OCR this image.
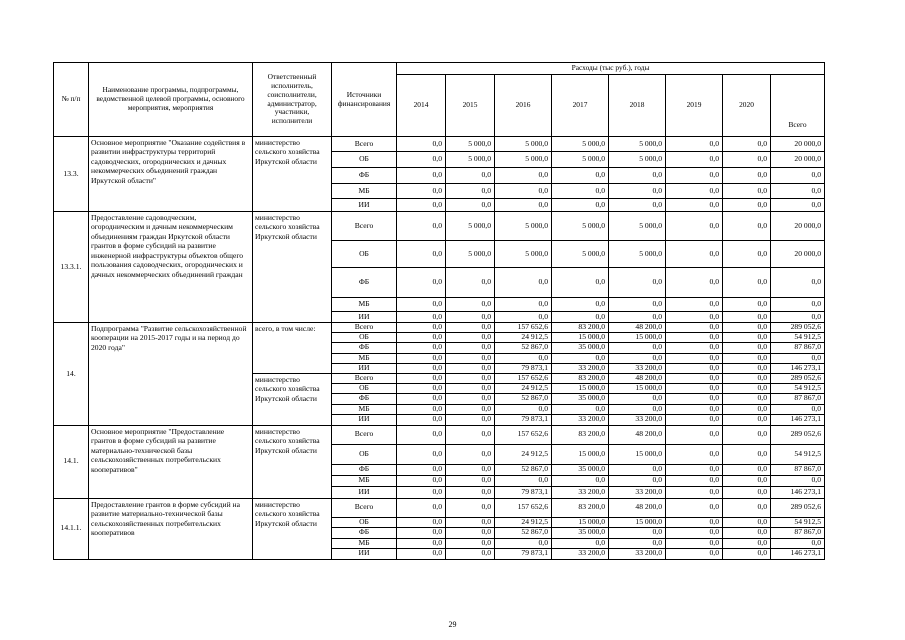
№ п/п	Наименование программы, подпрограммы, ведомственной целевой программы, основного мероприятия, мероприятия	Ответственный исполнитель, соисполнители, администратор, участники, исполнители	Источники финансирования	Расходы (тыс руб.), годы							
				2014	2015	2016	2017	2018	2019	2020	Всего
13.3.	Основное мероприятие "Оказание содействия в развитии инфраструктуры территорий садоводческих, огороднических и дачных некоммерческих объединений граждан Иркутской области"	министерство сельского хозяйства Иркутской области	Всего	0,0	5 000,0	5 000,0	5 000,0	5 000,0	0,0	0,0	20 000,0
			ОБ	0,0	5 000,0	5 000,0	5 000,0	5 000,0	0,0	0,0	20 000,0
			ФБ	0,0	0,0	0,0	0,0	0,0	0,0	0,0	0,0
			МБ	0,0	0,0	0,0	0,0	0,0	0,0	0,0	0,0
			ИИ	0,0	0,0	0,0	0,0	0,0	0,0	0,0	0,0
13.3.1.	Предоставление садоводческим, огородническим и дачным некоммерческим объединениям граждан Иркутской области грантов в форме субсидий на развитие инженерной инфраструктуры объектов общего пользования садоводческих, огороднических и дачных некоммерческих объединений граждан	министерство сельского хозяйства Иркутской области	Всего	0,0	5 000,0	5 000,0	5 000,0	5 000,0	0,0	0,0	20 000,0
			ОБ	0,0	5 000,0	5 000,0	5 000,0	5 000,0	0,0	0,0	20 000,0
			ФБ	0,0	0,0	0,0	0,0	0,0	0,0	0,0	0,0
			МБ	0,0	0,0	0,0	0,0	0,0	0,0	0,0	0,0
			ИИ	0,0	0,0	0,0	0,0	0,0	0,0	0,0	0,0
14.	Подпрограмма "Развитие сельскохозяйственной кооперации на 2015-2017 годы и на период до 2020 года"	всего, в том числе:	Всего	0,0	0,0	157 652,6	83 200,0	48 200,0	0,0	0,0	289 052,6
			ОБ	0,0	0,0	24 912,5	15 000,0	15 000,0	0,0	0,0	54 912,5
			ФБ	0,0	0,0	52 867,0	35 000,0	0,0	0,0	0,0	87 867,0
			МБ	0,0	0,0	0,0	0,0	0,0	0,0	0,0	0,0
			ИИ	0,0	0,0	79 873,1	33 200,0	33 200,0	0,0	0,0	146 273,1
		министерство сельского хозяйства Иркутской области	Всего	0,0	0,0	157 652,6	83 200,0	48 200,0	0,0	0,0	289 052,6
			ОБ	0,0	0,0	24 912,5	15 000,0	15 000,0	0,0	0,0	54 912,5
			ФБ	0,0	0,0	52 867,0	35 000,0	0,0	0,0	0,0	87 867,0
			МБ	0,0	0,0	0,0	0,0	0,0	0,0	0,0	0,0
			ИИ	0,0	0,0	79 873,1	33 200,0	33 200,0	0,0	0,0	146 273,1
14.1.	Основное мероприятие "Предоставление грантов в форме субсидий на развитие материально-технической базы сельскохозяйственных потребительских кооперативов"	министерство сельского хозяйства Иркутской области	Всего	0,0	0,0	157 652,6	83 200,0	48 200,0	0,0	0,0	289 052,6
			ОБ	0,0	0,0	24 912,5	15 000,0	15 000,0	0,0	0,0	54 912,5
			ФБ	0,0	0,0	52 867,0	35 000,0	0,0	0,0	0,0	87 867,0
			МБ	0,0	0,0	0,0	0,0	0,0	0,0	0,0	0,0
			ИИ	0,0	0,0	79 873,1	33 200,0	33 200,0	0,0	0,0	146 273,1
14.1.1.	Предоставление грантов в форме субсидий на развитие материально-технической базы сельскохозяйственных потребительских кооперативов	министерство сельского хозяйства Иркутской области	Всего	0,0	0,0	157 652,6	83 200,0	48 200,0	0,0	0,0	289 052,6
			ОБ	0,0	0,0	24 912,5	15 000,0	15 000,0	0,0	0,0	54 912,5
			ФБ	0,0	0,0	52 867,0	35 000,0	0,0	0,0	0,0	87 867,0
			МБ	0,0	0,0	0,0	0,0	0,0	0,0	0,0	0,0
			ИИ	0,0	0,0	79 873,1	33 200,0	33 200,0	0,0	0,0	146 273,1
29
